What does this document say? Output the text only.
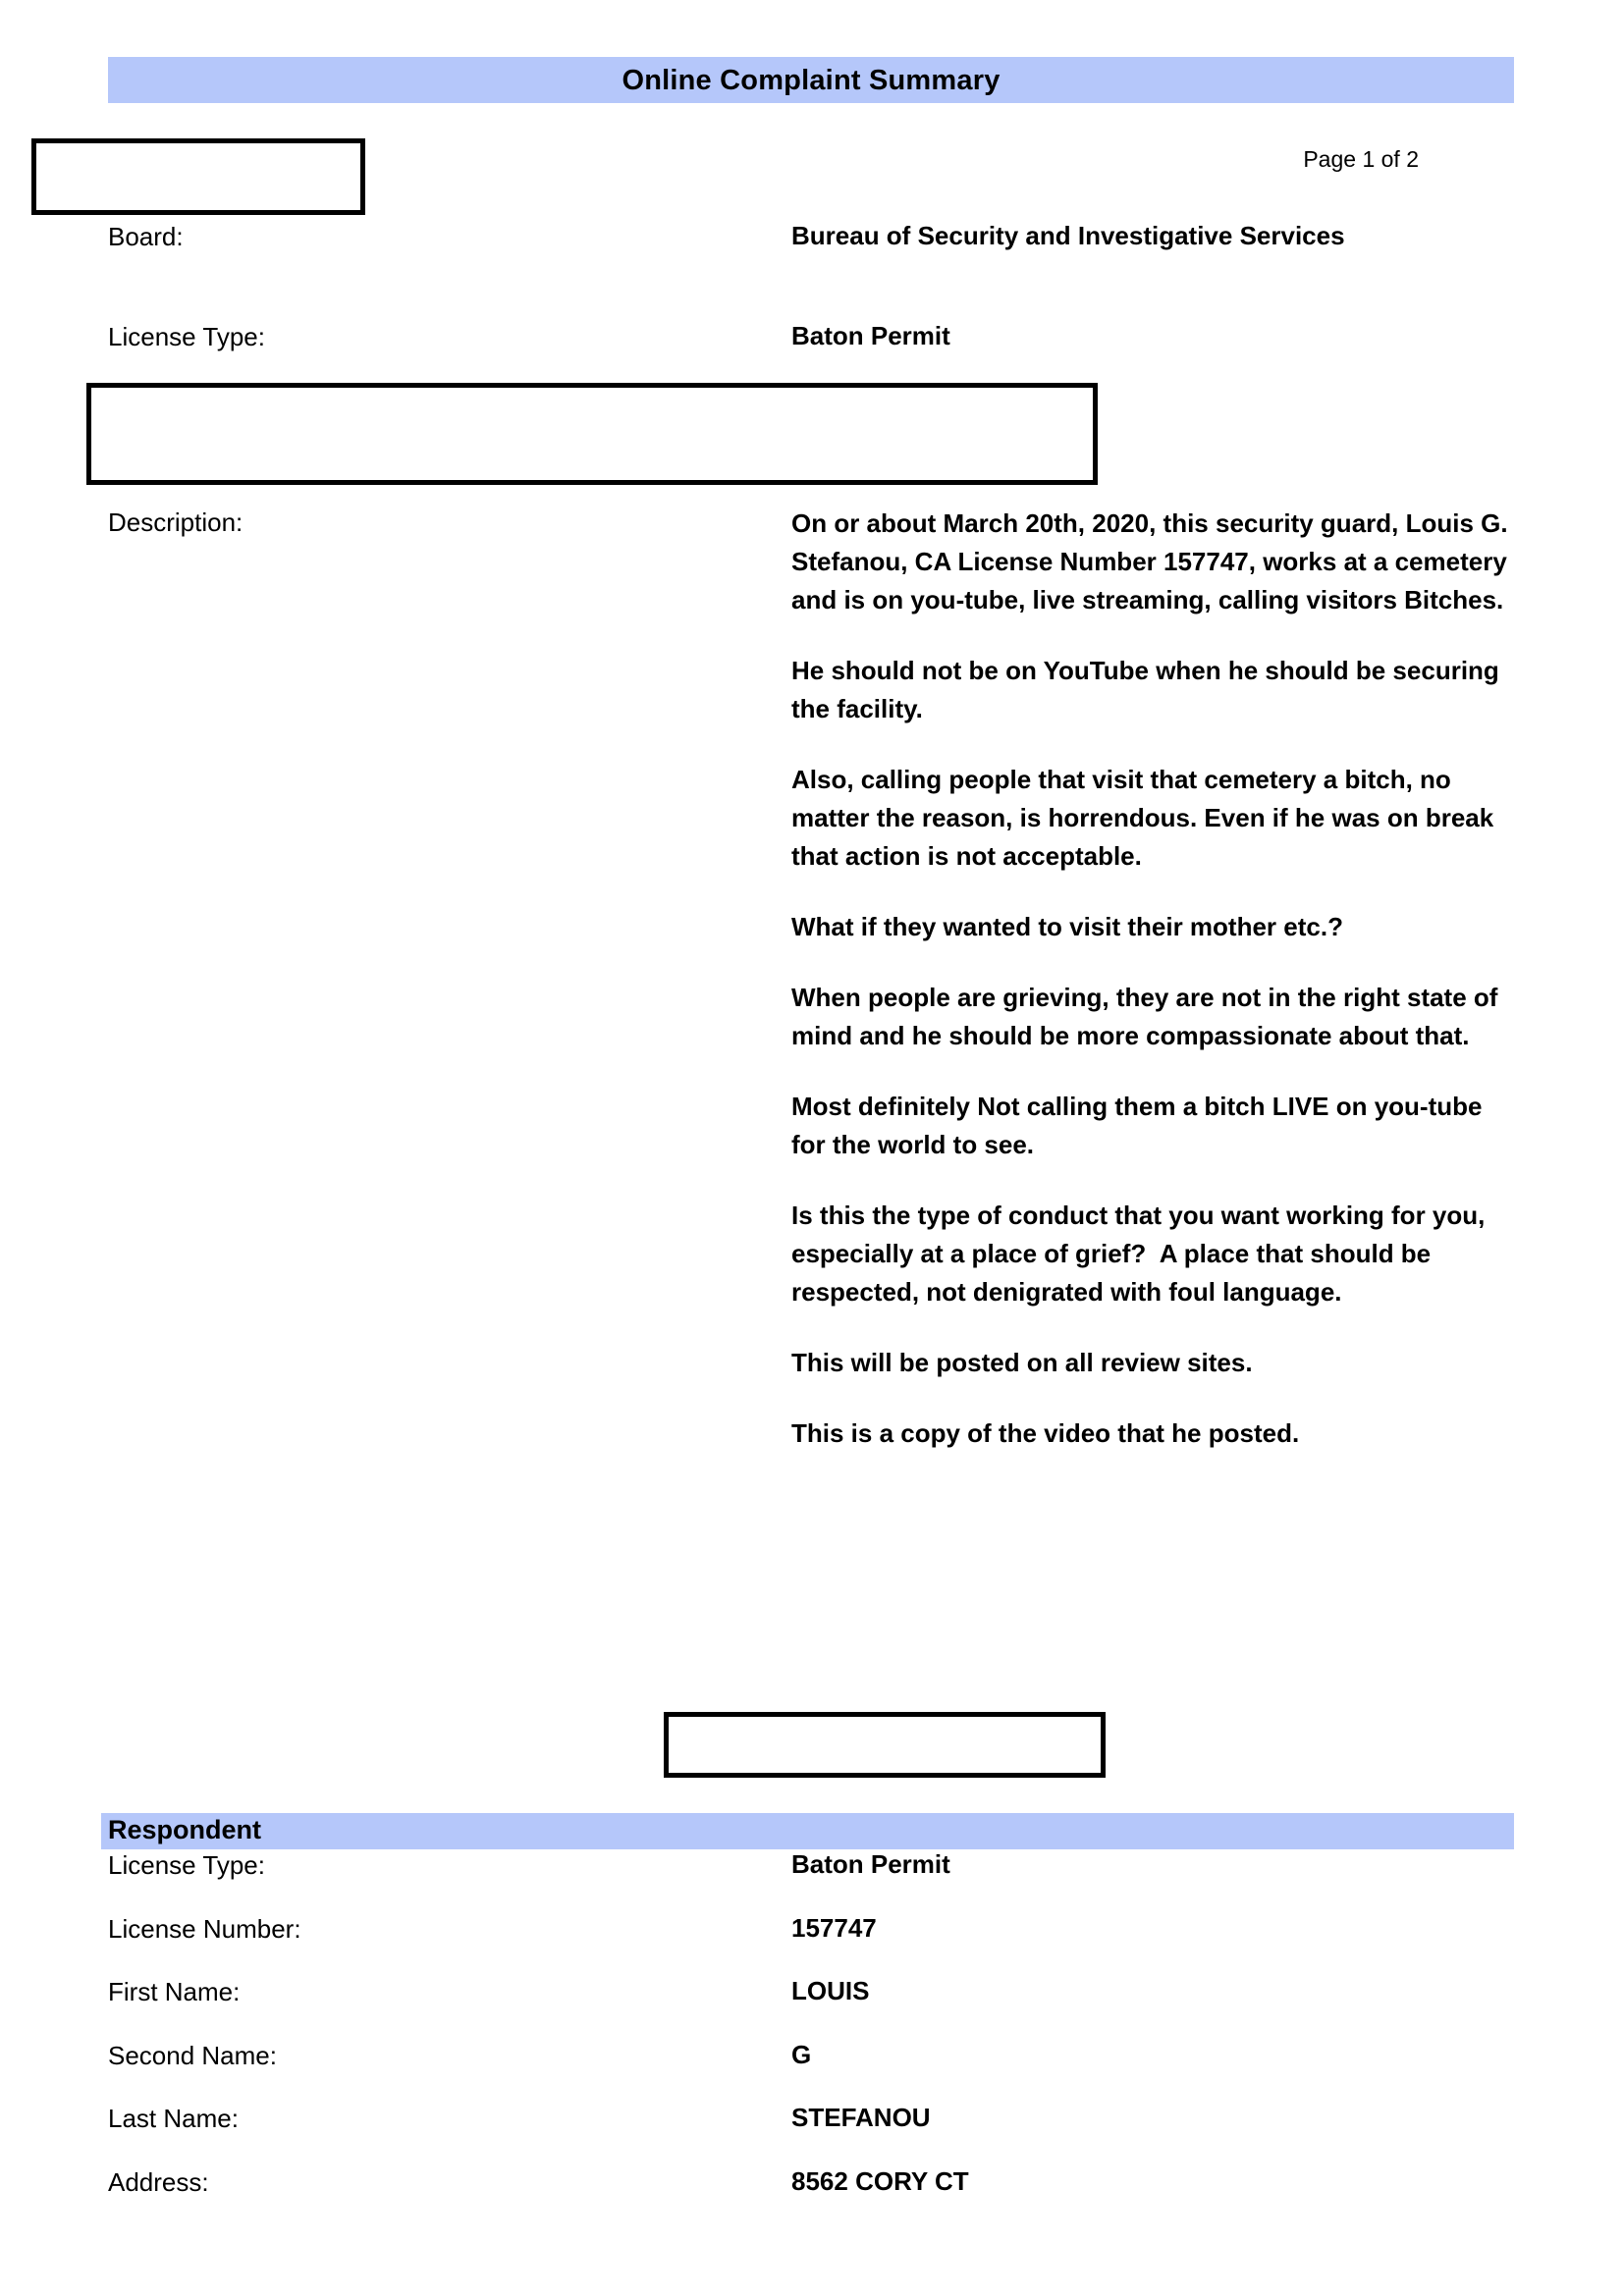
Online Complaint Summary
Page 1 of 2
Board:	Bureau of Security and Investigative Services
License Type:	Baton Permit
Description:	On or about March 20th, 2020, this security guard, Louis G. Stefanou, CA License Number 157747, works at a cemetery and is on you-tube, live streaming, calling visitors Bitches.

He should not be on YouTube when he should be securing the facility.

Also, calling people that visit that cemetery a bitch, no matter the reason, is horrendous. Even if he was on break that action is not acceptable.

What if they wanted to visit their mother etc.?

When people are grieving, they are not in the right state of mind and he should be more compassionate about that.

Most definitely Not calling them a bitch LIVE on you-tube for the world to see.

Is this the type of conduct that you want working for you, especially at a place of grief?  A place that should be respected, not denigrated with foul language.

This will be posted on all review sites.

This is a copy of the video that he posted.

Respondent
License Type:	Baton Permit
License Number:	157747
First Name:	LOUIS
Second Name:	G
Last Name:	STEFANOU
Address:	8562 CORY CT
